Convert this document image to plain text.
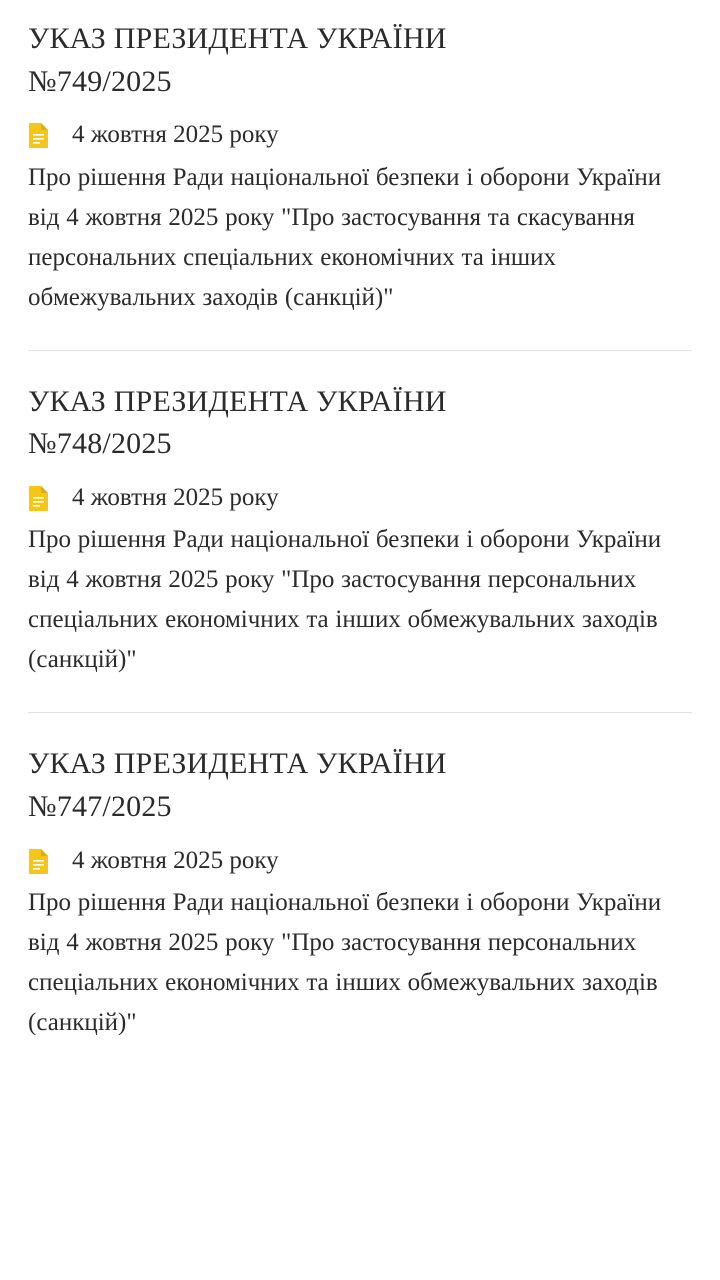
УКАЗ ПРЕЗИДЕНТА УКРАЇНИ
№749/2025
4 жовтня 2025 року

Про рішення Ради національної безпеки і оборони України від 4 жовтня 2025 року "Про застосування та скасування персональних спеціальних економічних та інших обмежувальних заходів (санкцій)"

УКАЗ ПРЕЗИДЕНТА УКРАЇНИ
№748/2025
4 жовтня 2025 року

Про рішення Ради національної безпеки і оборони України від 4 жовтня 2025 року "Про застосування персональних спеціальних економічних та інших обмежувальних заходів (санкцій)"

УКАЗ ПРЕЗИДЕНТА УКРАЇНИ
№747/2025
4 жовтня 2025 року

Про рішення Ради національної безпеки і оборони України від 4 жовтня 2025 року "Про застосування персональних спеціальних економічних та інших обмежувальних заходів (санкцій)"
